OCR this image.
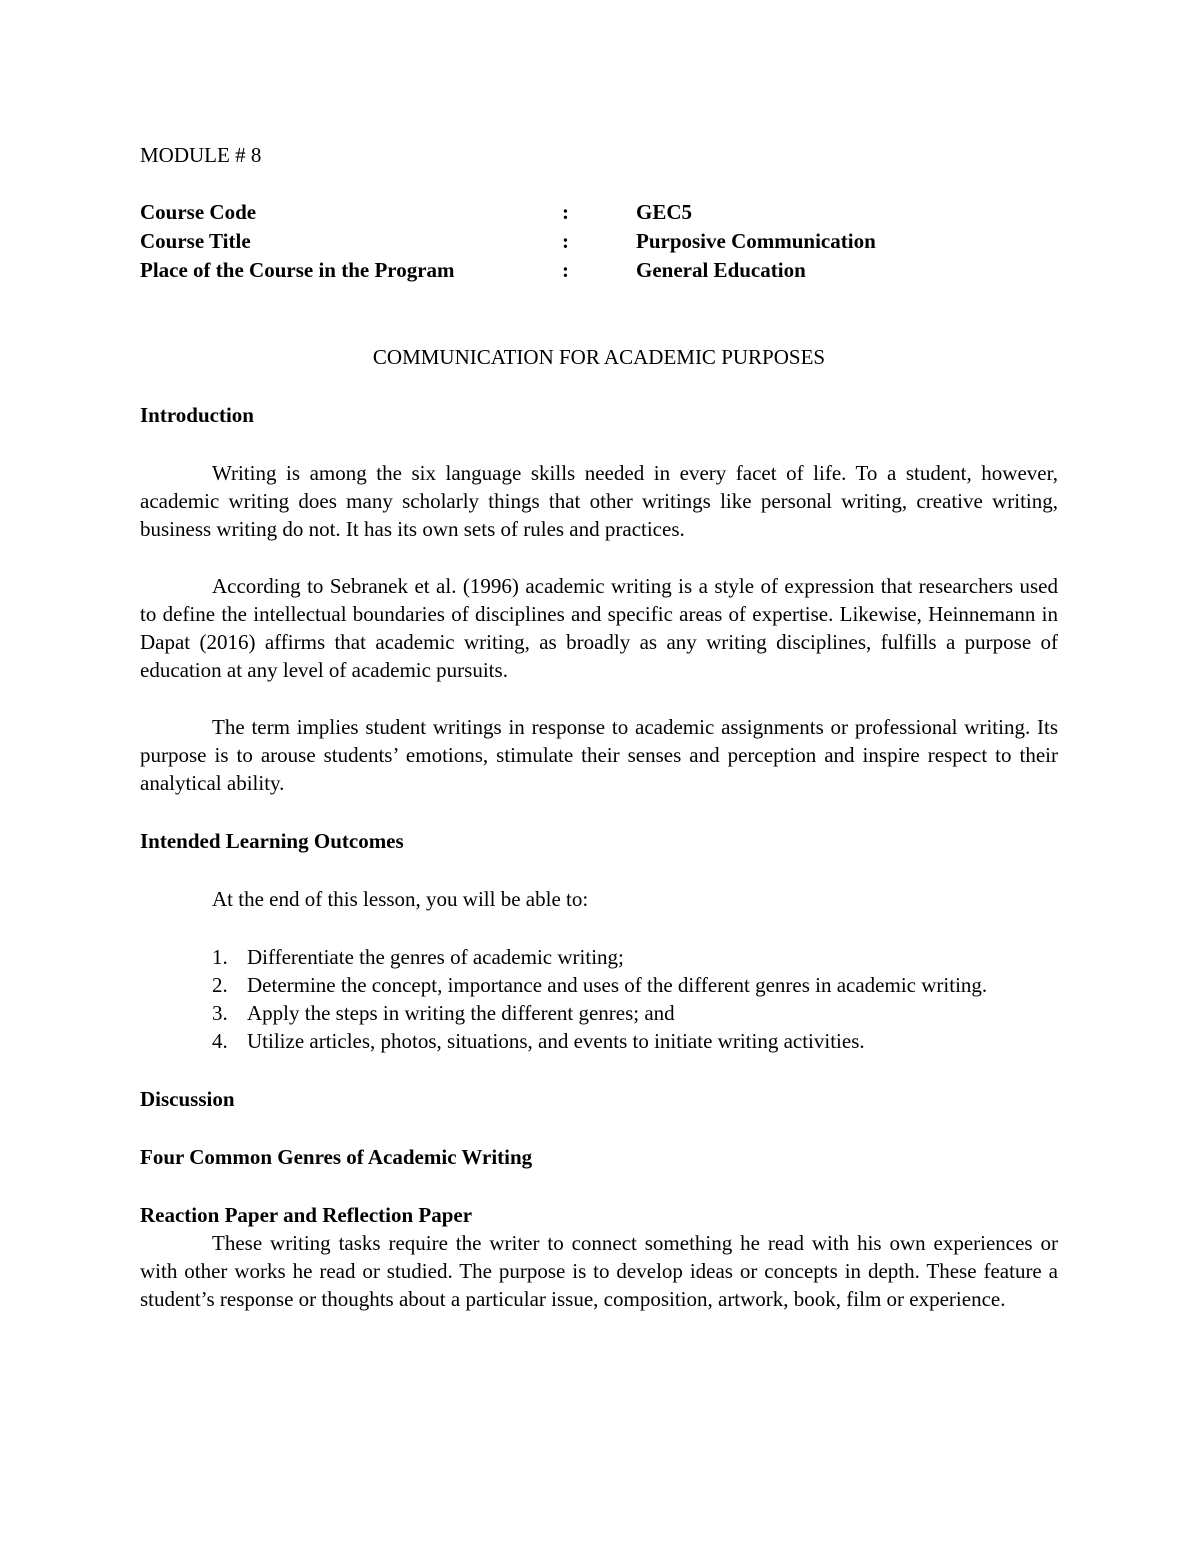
MODULE # 8
Course Code	:	GEC5
Course Title	:	Purposive Communication
Place of the Course in the Program	:	General Education
COMMUNICATION FOR ACADEMIC PURPOSES
Introduction

Writing is among the six language skills needed in every facet of life. To a student, however, academic writing does many scholarly things that other writings like personal writing, creative writing, business writing do not. It has its own sets of rules and practices.

According to Sebranek et al. (1996) academic writing is a style of expression that researchers used to define the intellectual boundaries of disciplines and specific areas of expertise. Likewise, Heinnemann in Dapat (2016) affirms that academic writing, as broadly as any writing disciplines, fulfills a purpose of education at any level of academic pursuits.

The term implies student writings in response to academic assignments or professional writing. Its purpose is to arouse students’ emotions, stimulate their senses and perception and inspire respect to their analytical ability.

Intended Learning Outcomes

At the end of this lesson, you will be able to:

1. Differentiate the genres of academic writing;
2. Determine the concept, importance and uses of the different genres in academic writing.
3. Apply the steps in writing the different genres; and
4. Utilize articles, photos, situations, and events to initiate writing activities.
Discussion
Four Common Genres of Academic Writing
Reaction Paper and Reflection Paper

These writing tasks require the writer to connect something he read with his own experiences or with other works he read or studied. The purpose is to develop ideas or concepts in depth. These feature a student’s response or thoughts about a particular issue, composition, artwork, book, film or experience.
